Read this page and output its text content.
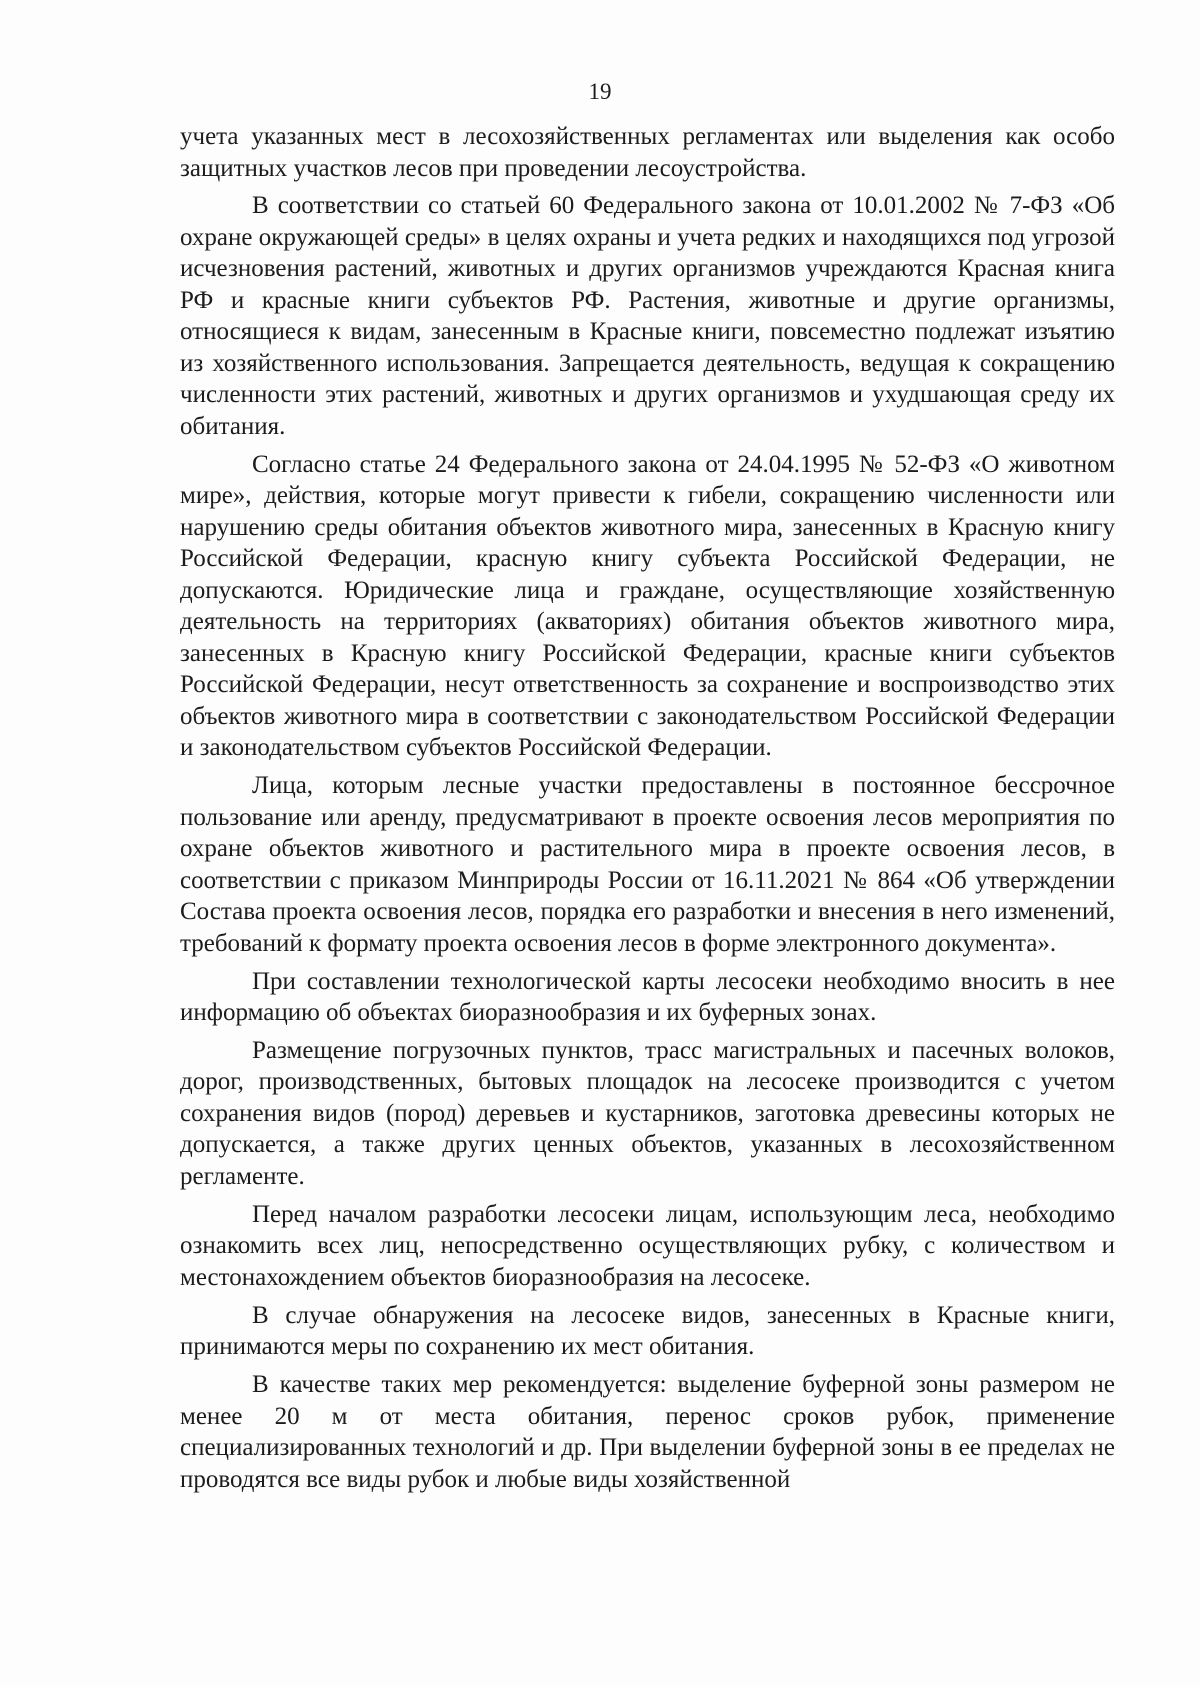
19

учета указанных мест в лесохозяйственных регламентах или выделения как особо защитных участков лесов при проведении лесоустройства.

В соответствии со статьей 60 Федерального закона от 10.01.2002 № 7-ФЗ «Об охране окружающей среды» в целях охраны и учета редких и находящихся под угрозой исчезновения растений, животных и других организмов учреждаются Красная книга РФ и красные книги субъектов РФ. Растения, животные и другие организмы, относящиеся к видам, занесенным в Красные книги, повсеместно подлежат изъятию из хозяйственного использования. Запрещается деятельность, ведущая к сокращению численности этих растений, животных и других организмов и ухудшающая среду их обитания.

Согласно статье 24 Федерального закона от 24.04.1995 № 52-ФЗ «О животном мире», действия, которые могут привести к гибели, сокращению численности или нарушению среды обитания объектов животного мира, занесенных в Красную книгу Российской Федерации, красную книгу субъекта Российской Федерации, не допускаются. Юридические лица и граждане, осуществляющие хозяйственную деятельность на территориях (акваториях) обитания объектов животного мира, занесенных в Красную книгу Российской Федерации, красные книги субъектов Российской Федерации, несут ответственность за сохранение и воспроизводство этих объектов животного мира в соответствии с законодательством Российской Федерации и законодательством субъектов Российской Федерации.

Лица, которым лесные участки предоставлены в постоянное бессрочное пользование или аренду, предусматривают в проекте освоения лесов мероприятия по охране объектов животного и растительного мира в проекте освоения лесов, в соответствии с приказом Минприроды России от 16.11.2021 № 864 «Об утверждении Состава проекта освоения лесов, порядка его разработки и внесения в него изменений, требований к формату проекта освоения лесов в форме электронного документа».

При составлении технологической карты лесосеки необходимо вносить в нее информацию об объектах биоразнообразия и их буферных зонах.

Размещение погрузочных пунктов, трасс магистральных и пасечных волоков, дорог, производственных, бытовых площадок на лесосеке производится с учетом сохранения видов (пород) деревьев и кустарников, заготовка древесины которых не допускается, а также других ценных объектов, указанных в лесохозяйственном регламенте.

Перед началом разработки лесосеки лицам, использующим леса, необходимо ознакомить всех лиц, непосредственно осуществляющих рубку, с количеством и местонахождением объектов биоразнообразия на лесосеке.

В случае обнаружения на лесосеке видов, занесенных в Красные книги, принимаются меры по сохранению их мест обитания.

В качестве таких мер рекомендуется: выделение буферной зоны размером не менее 20 м от места обитания, перенос сроков рубок, применение специализированных технологий и др. При выделении буферной зоны в ее пределах не проводятся все виды рубок и любые виды хозяйственной
